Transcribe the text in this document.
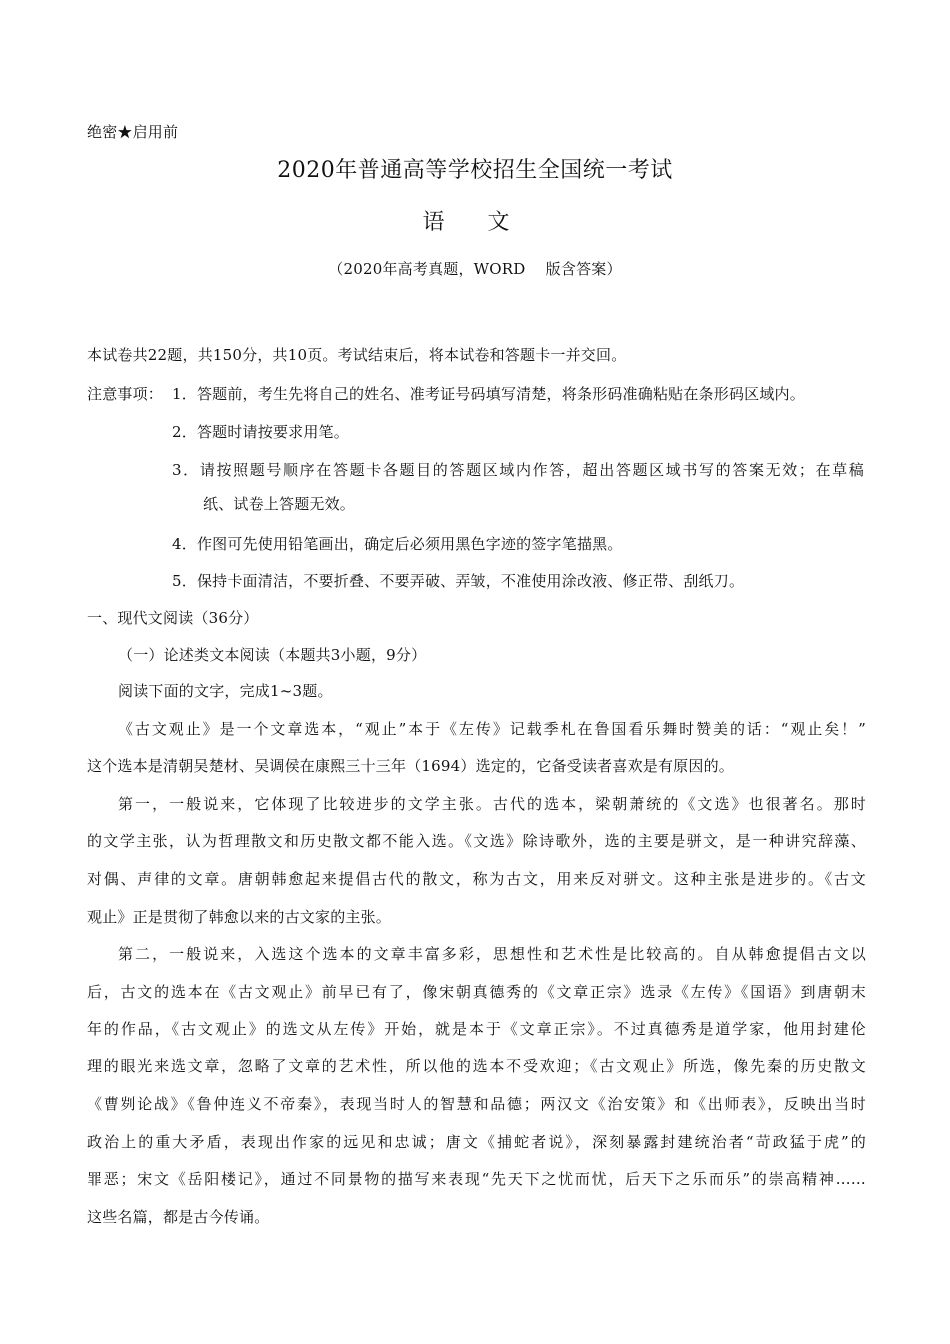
绝密★启用前
2020年普通高等学校招生全国统一考试
语 文
（2020年高考真题，WORD　 版含答案）
本试卷共22题，共150分，共10页。考试结束后，将本试卷和答题卡一并交回。
注意事项： 1．答题前，考生先将自己的姓名、准考证号码填写清楚，将条形码准确粘贴在条形码区域内。
2．答题时请按要求用笔。
3．请按照题号顺序在答题卡各题目的答题区域内作答，超出答题区域书写的答案无效；在草稿
纸、试卷上答题无效。
4．作图可先使用铅笔画出，确定后必须用黑色字迹的签字笔描黑。
5．保持卡面清洁，不要折叠、不要弄破、弄皱，不准使用涂改液、修正带、刮纸刀。
一、现代文阅读（36分）
（一）论述类文本阅读（本题共3小题，9分）
阅读下面的文字，完成1~3题。
《古文观止》是一个文章选本，“观止”本于《左传》记载季札在鲁国看乐舞时赞美的话：“观止矣！”
这个选本是清朝吴楚材、吴调侯在康熙三十三年（1694）选定的，它备受读者喜欢是有原因的。
第一，一般说来，它体现了比较进步的文学主张。古代的选本，梁朝萧统的《文选》也很著名。那时
的文学主张，认为哲理散文和历史散文都不能入选。《文选》除诗歌外，选的主要是骈文，是一种讲究辞藻、
对偶、声律的文章。唐朝韩愈起来提倡古代的散文，称为古文，用来反对骈文。这种主张是进步的。《古文
观止》正是贯彻了韩愈以来的古文家的主张。
第二，一般说来，入选这个选本的文章丰富多彩，思想性和艺术性是比较高的。自从韩愈提倡古文以
后，古文的选本在《古文观止》前早已有了，像宋朝真德秀的《文章正宗》选录《左传》《国语》到唐朝末
年的作品，《古文观止》的选文从左传》开始，就是本于《文章正宗》。不过真德秀是道学家，他用封建伦
理的眼光来选文章，忽略了文章的艺术性，所以他的选本不受欢迎；《古文观止》所选，像先秦的历史散文
《曹刿论战》《鲁仲连义不帝秦》，表现当时人的智慧和品德；两汉文《治安策》和《出师表》，反映出当时
政治上的重大矛盾，表现出作家的远见和忠诚；唐文《捕蛇者说》，深刻暴露封建统治者“苛政猛于虎”的
罪恶；宋文《岳阳楼记》，通过不同景物的描写来表现“先天下之忧而忧，后天下之乐而乐”的崇高精神……
这些名篇，都是古今传诵。
